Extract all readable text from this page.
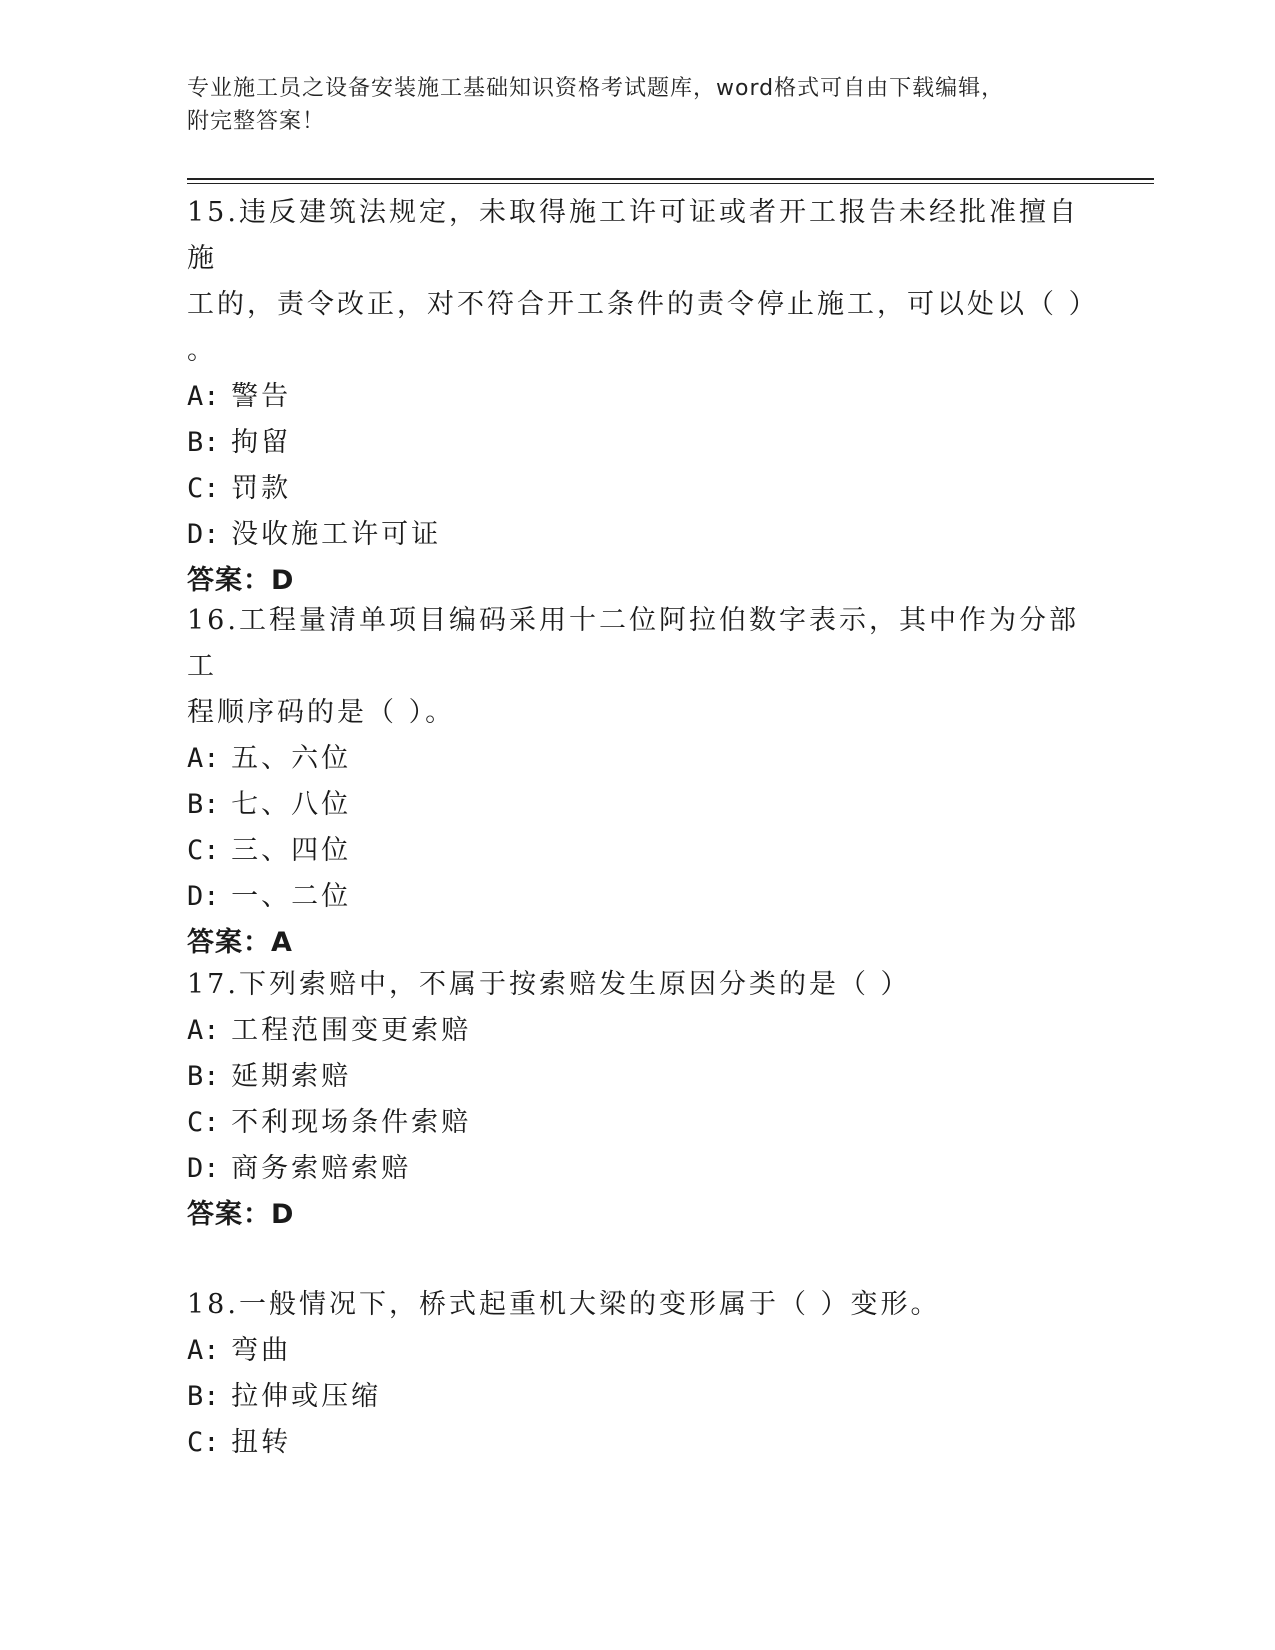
专业施工员之设备安装施工基础知识资格考试题库，word格式可自由下载编辑，
附完整答案！

15.违反建筑法规定，未取得施工许可证或者开工报告未经批准擅自施

工的，责令改正，对不符合开工条件的责令停止施工，可以处以（ ）

。

A: 警告

B: 拘留

C: 罚款

D: 没收施工许可证

答案：D

16.工程量清单项目编码采用十二位阿拉伯数字表示，其中作为分部工

程顺序码的是（ ）。

A: 五、六位

B: 七、八位

C: 三、四位

D: 一、二位

答案：A

17.下列索赔中，不属于按索赔发生原因分类的是（ ）

A: 工程范围变更索赔

B: 延期索赔

C: 不利现场条件索赔

D: 商务索赔索赔

答案：D

18.一般情况下，桥式起重机大梁的变形属于（ ）变形。

A: 弯曲

B: 拉伸或压缩

C: 扭转
